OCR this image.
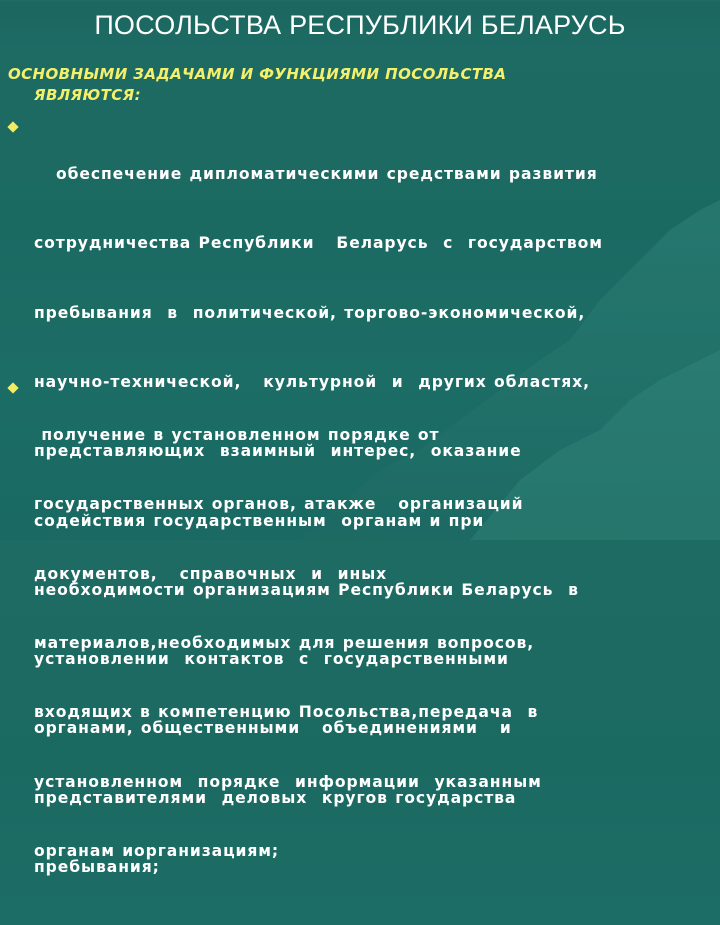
ПОСОЛЬСТВА РЕСПУБЛИКИ БЕЛАРУСЬ
ОСНОВНЫМИ ЗАДАЧАМИ И ФУНКЦИЯМИ ПОСОЛЬСТВА
ЯВЛЯЮТСЯ:

обеспечение дипломатическими средствами развития

сотрудничества Республики   Беларусь  с  государством

пребывания  в  политической, торгово-экономической,

научно-технической,   культурной  и  других областях,

представляющих  взаимный  интерес,  оказание

содействия государственным  органам и при

необходимости организациям Республики Беларусь  в

установлении  контактов  с  государственными

органами, общественными   объединениями   и

представителями  деловых  кругов государства

пребывания;

получение в установленном порядке от

государственных органов, атакже   организаций

документов,   справочных  и  иных

материалов,необходимых для решения вопросов,

входящих в компетенцию Посольства,передача  в

установленном  порядке  информации  указанным

органам иорганизациям;
